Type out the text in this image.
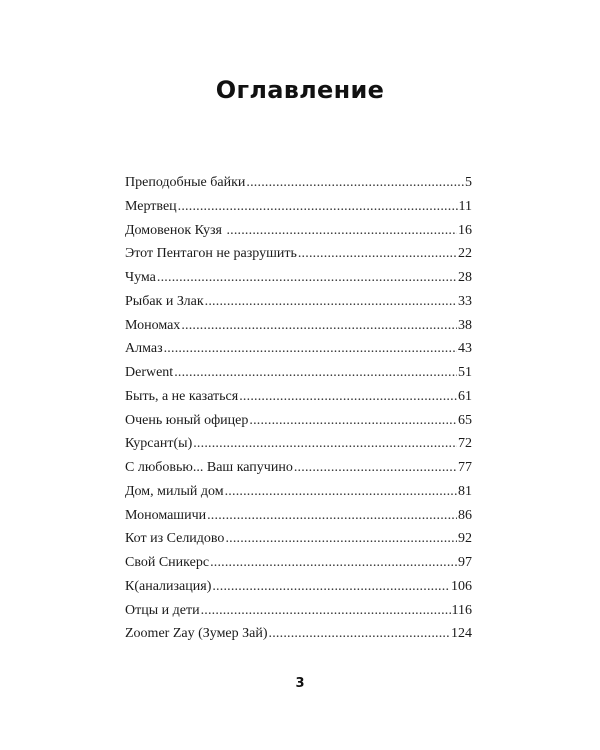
Оглавление
Преподобные байки .....	5
Мертвец .....	11
Домовенок Кузя .....	16
Этот Пентагон не разрушить .....	22
Чума .....	28
Рыбак и Злак .....	33
Мономах .....	38
Алмаз .....	43
Derwent .....	51
Быть, а не казаться .....	61
Очень юный офицер .....	65
Курсант(ы) .....	72
С любовью... Ваш капучино .....	77
Дом, милый дом .....	81
Мономашичи .....	86
Кот из Селидово .....	92
Свой Сникерс .....	97
К(анализация) .....	106
Отцы и дети .....	116
Zoomer Zay (Зумер Зай) .....	124
3
